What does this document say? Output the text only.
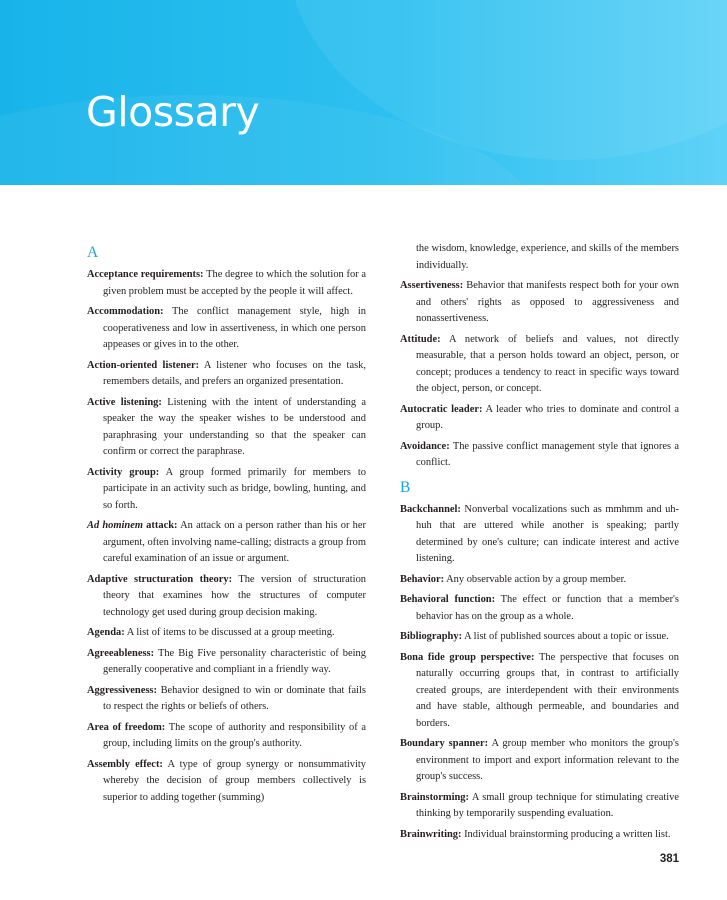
Glossary
A

Acceptance requirements: The degree to which the solution for a given problem must be accepted by the people it will affect.

Accommodation: The conflict management style, high in cooperativeness and low in assertiveness, in which one person appeases or gives in to the other.

Action-oriented listener: A listener who focuses on the task, remembers details, and prefers an organized presentation.

Active listening: Listening with the intent of understanding a speaker the way the speaker wishes to be understood and paraphrasing your understanding so that the speaker can confirm or correct the paraphrase.

Activity group: A group formed primarily for members to participate in an activity such as bridge, bowling, hunting, and so forth.

Ad hominem attack: An attack on a person rather than his or her argument, often involving name-calling; distracts a group from careful examination of an issue or argument.

Adaptive structuration theory: The version of structuration theory that examines how the structures of computer technology get used during group decision making.

Agenda: A list of items to be discussed at a group meeting.

Agreeableness: The Big Five personality characteristic of being generally cooperative and compliant in a friendly way.

Aggressiveness: Behavior designed to win or dominate that fails to respect the rights or beliefs of others.

Area of freedom: The scope of authority and responsibility of a group, including limits on the group's authority.

Assembly effect: A type of group synergy or nonsummativity whereby the decision of group members collectively is superior to adding together (summing)

the wisdom, knowledge, experience, and skills of the members individually.

Assertiveness: Behavior that manifests respect both for your own and others' rights as opposed to aggressiveness and nonassertiveness.

Attitude: A network of beliefs and values, not directly measurable, that a person holds toward an object, person, or concept; produces a tendency to react in specific ways toward the object, person, or concept.

Autocratic leader: A leader who tries to dominate and control a group.

Avoidance: The passive conflict management style that ignores a conflict.

B

Backchannel: Nonverbal vocalizations such as mmhmm and uh-huh that are uttered while another is speaking; partly determined by one's culture; can indicate interest and active listening.

Behavior: Any observable action by a group member.

Behavioral function: The effect or function that a member's behavior has on the group as a whole.

Bibliography: A list of published sources about a topic or issue.

Bona fide group perspective: The perspective that focuses on naturally occurring groups that, in contrast to artificially created groups, are interdependent with their environments and have stable, although permeable, and boundaries and borders.

Boundary spanner: A group member who monitors the group's environment to import and export information relevant to the group's success.

Brainstorming: A small group technique for stimulating creative thinking by temporarily suspending evaluation.

Brainwriting: Individual brainstorming producing a written list.

381
